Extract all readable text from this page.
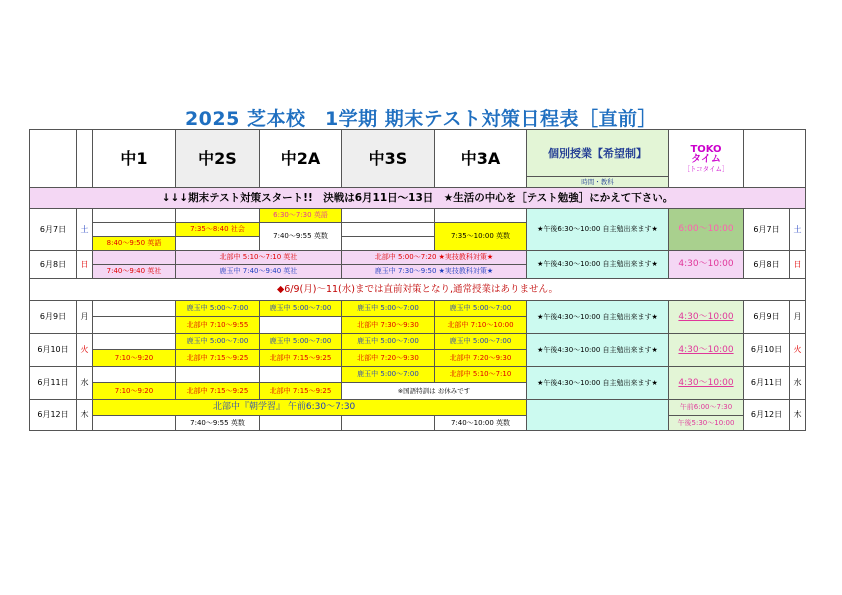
2025 芝本校　1学期 期末テスト対策日程表［直前］
		中1	中2S	中2A	中3S	中3A	個別授業【希望制】	TOKO
タイム
［トコタイム］		

							時間・教科			
↓↓↓期末テスト対策スタート!!　決戦は6月11日～13日　★生活の中心を［テスト勉強］にかえて下さい。										
6月7日	土			6:30～7:30 英語			★午後6:30～10:00 自主勉出来ます★	6:00～10:00	6月7日	土
			7:35～8:40 社会	7:40～9:55 英数		7:35～10:00 英数				
		8:40～9:50 英語								
6月8日	日		北部中 5:10～7:10 英社		北部中 5:00～7:20 ★実技教科対策★		★午後4:30～10:00 自主勉出来ます★	4:30～10:00	6月8日	日
		7:40～9:40 英社	鹿玉中 7:40～9:40 英社		鹿玉中 7:30～9:50 ★実技教科対策★					
◆6/9(月)～11(水)までは直前対策となり,通常授業はありません。										
6月9日	月		鹿玉中 5:00～7:00	鹿玉中 5:00～7:00	鹿玉中 5:00～7:00	鹿玉中 5:00～7:00	★午後4:30～10:00 自主勉出来ます★	4:30～10:00	6月9日	月
			北部中 7:10～9:55		北部中 7:30～9:30	北部中 7:10～10:00				
6月10日	火		鹿玉中 5:00～7:00	鹿玉中 5:00～7:00	鹿玉中 5:00～7:00	鹿玉中 5:00～7:00	★午後4:30～10:00 自主勉出来ます★	4:30～10:00	6月10日	火
		7:10～9:20	北部中 7:15～9:25	北部中 7:15～9:25	北部中 7:20～9:30	北部中 7:20～9:30				
6月11日	水				鹿玉中 5:00～7:00	北部中 5:10～7:10	★午後4:30～10:00 自主勉出来ます★	4:30～10:00	6月11日	水
		7:10～9:20	北部中 7:15～9:25	北部中 7:15～9:25	※国語特訓は お休みです					
6月12日	木	北部中『朝学習』 午前6:30～7:30						午前6:00～7:30	6月12日	木
			7:40～9:55 英数			7:40～10:00 英数		午後5:30～10:00		
